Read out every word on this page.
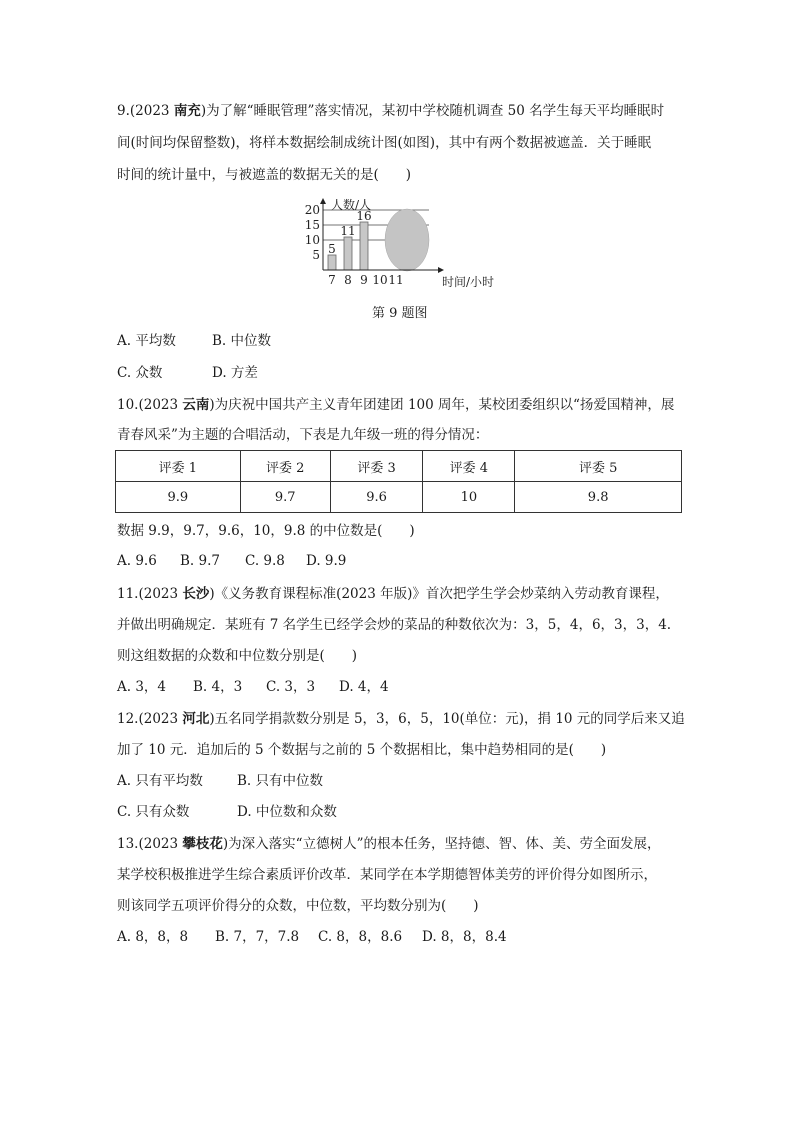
9.(2023 南充)为了解“睡眠管理”落实情况，某初中学校随机调查 50 名学生每天平均睡眠时
间(时间均保留整数)，将样本数据绘制成统计图(如图)，其中有两个数据被遮盖．关于睡眠
时间的统计量中，与被遮盖的数据无关的是(　　)
5
10
15
20
5
7
11
8
16
9 10 11
人数/人
时间/小时
第 9 题图
A. 平均数	B. 中位数
C. 众数	D. 方差
10.(2023 云南)为庆祝中国共产主义青年团建团 100 周年，某校团委组织以“扬爱国精神，展
青春风采”为主题的合唱活动，下表是九年级一班的得分情况：
评委 1	评委 2	评委 3	评委 4	评委 5
9.9	9.7	9.6	10	9.8
数据 9.9，9.7，9.6，10，9.8 的中位数是(　　)
A. 9.6 B. 9.7 C. 9.8 D. 9.9
11.(2023 长沙)《义务教育课程标准(2023 年版)》首次把学生学会炒菜纳入劳动教育课程，
并做出明确规定．某班有 7 名学生已经学会炒的菜品的种数依次为：3，5，4，6，3，3，4.
则这组数据的众数和中位数分别是(　　)
A. 3，4 B. 4，3 C. 3，3 D. 4，4
12.(2023 河北)五名同学捐款数分别是 5，3，6，5，10(单位：元)，捐 10 元的同学后来又追
加了 10 元．追加后的 5 个数据与之前的 5 个数据相比，集中趋势相同的是(　　)
A. 只有平均数	B. 只有中位数
C. 只有众数	D. 中位数和众数
13.(2023 攀枝花)为深入落实“立德树人”的根本任务，坚持德、智、体、美、劳全面发展，
某学校积极推进学生综合素质评价改革．某同学在本学期德智体美劳的评价得分如图所示，
则该同学五项评价得分的众数，中位数，平均数分别为(　　)
A. 8，8，8 B. 7，7，7.8 C. 8，8，8.6 D. 8，8，8.4
